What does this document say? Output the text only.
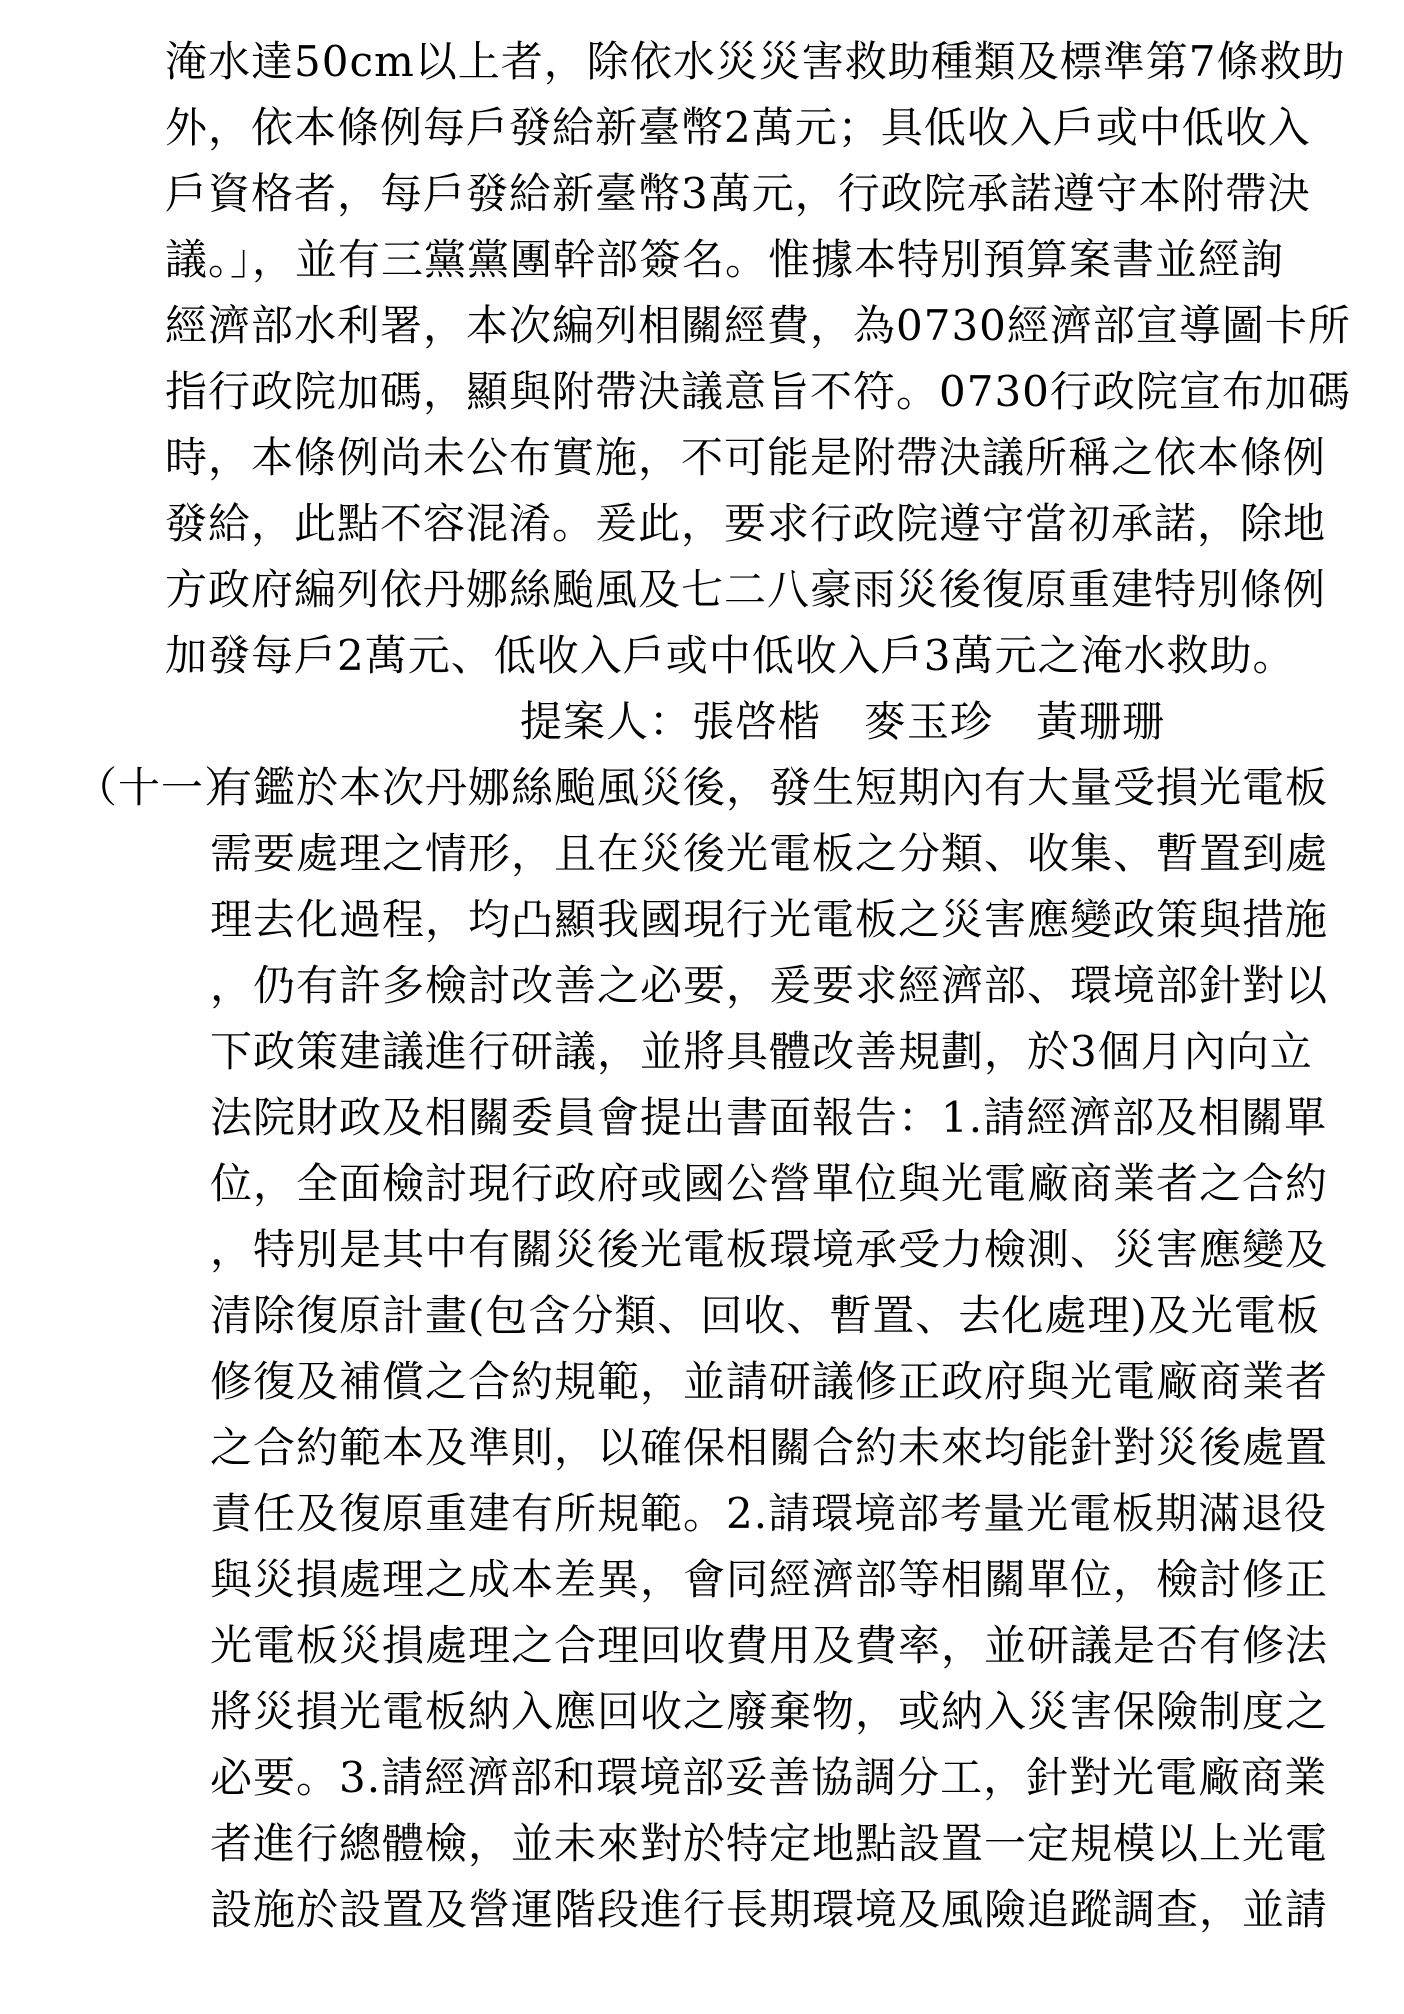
淹水達50cm以上者，除依水災災害救助種類及標準第7條救助
外，依本條例每戶發給新臺幣2萬元；具低收入戶或中低收入
戶資格者，每戶發給新臺幣3萬元，行政院承諾遵守本附帶決
議。」，並有三黨黨團幹部簽名。惟據本特別預算案書並經詢
經濟部水利署，本次編列相關經費，為0730經濟部宣導圖卡所
指行政院加碼，顯與附帶決議意旨不符。0730行政院宣布加碼
時，本條例尚未公布實施，不可能是附帶決議所稱之依本條例
發給，此點不容混淆。爰此，要求行政院遵守當初承諾，除地
方政府編列依丹娜絲颱風及七二八豪雨災後復原重建特別條例
加發每戶2萬元、低收入戶或中低收入戶3萬元之淹水救助。
提案人：張啓楷　麥玉珍　黃珊珊
（十一）
有鑑於本次丹娜絲颱風災後，發生短期內有大量受損光電板
需要處理之情形，且在災後光電板之分類、收集、暫置到處
理去化過程，均凸顯我國現行光電板之災害應變政策與措施
，仍有許多檢討改善之必要，爰要求經濟部、環境部針對以
下政策建議進行研議，並將具體改善規劃，於3個月內向立
法院財政及相關委員會提出書面報告：1.請經濟部及相關單
位，全面檢討現行政府或國公營單位與光電廠商業者之合約
，特別是其中有關災後光電板環境承受力檢測、災害應變及
清除復原計畫(包含分類、回收、暫置、去化處理)及光電板
修復及補償之合約規範，並請研議修正政府與光電廠商業者
之合約範本及準則，以確保相關合約未來均能針對災後處置
責任及復原重建有所規範。2.請環境部考量光電板期滿退役
與災損處理之成本差異，會同經濟部等相關單位，檢討修正
光電板災損處理之合理回收費用及費率，並研議是否有修法
將災損光電板納入應回收之廢棄物，或納入災害保險制度之
必要。3.請經濟部和環境部妥善協調分工，針對光電廠商業
者進行總體檢，並未來對於特定地點設置一定規模以上光電
設施於設置及營運階段進行長期環境及風險追蹤調查，並請
